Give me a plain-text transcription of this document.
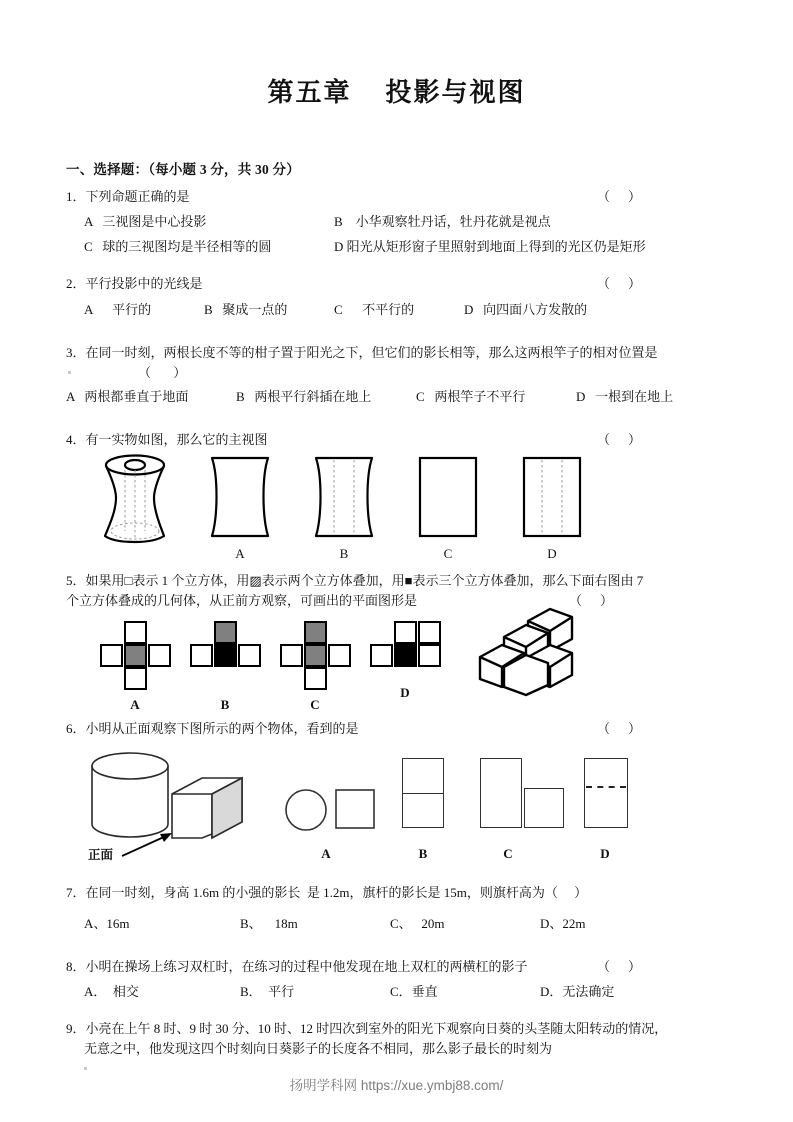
第五章    投影与视图
一、选择题：（每小题 3 分，共 30 分）
1．下列命题正确的是	（    ）
A   三视图是中心投影	B    小华观察牡丹话，牡丹花就是视点
C   球的三视图均是半径相等的圆	D 阳光从矩形窗子里照射到地面上得到的光区仍是矩形
2．平行投影中的光线是	（    ）
A      平行的	B   聚成一点的	C      不平行的	D   向四面八方发散的
3．在同一时刻，两根长度不等的柑子置于阳光之下，但它们的影长相等，那么这两根竿子的相对位置是
（     ）
A   两根都垂直于地面	B   两根平行斜插在地上	C   两根竿子不平行	D   一根到在地上
4．有一实物如图，那么它的主视图	（    ）
A	B	C	D
5．如果用□表示 1 个立方体，用▨表示两个立方体叠加，用■表示三个立方体叠加，那么下面右图由 7
个立方体叠成的几何体，从正前方观察，可画出的平面图形是	（    ）
A	B	C
D
6．小明从正面观察下图所示的两个物体，看到的是	（    ）
正面	A	B	C	D
7．在同一时刻，身高 1.6m 的小强的影长  是 1.2m，旗杆的影长是 15m，则旗杆高为（     ）
A、16m	B、    18m	C、   20m	D、22m
8．小明在操场上练习双杠时，在练习的过程中他发现在地上双杠的两横杠的影子	（    ）
A．  相交	B．  平行	C．垂直	D．无法确定
9．小亮在上午 8 时、9 时 30 分、10 时、12 时四次到室外的阳光下观察向日葵的头茎随太阳转动的情况，
无意之中，他发现这四个时刻向日葵影子的长度各不相同，那么影子最长的时刻为
扬明学科网 https://xue.ymbj88.com/
